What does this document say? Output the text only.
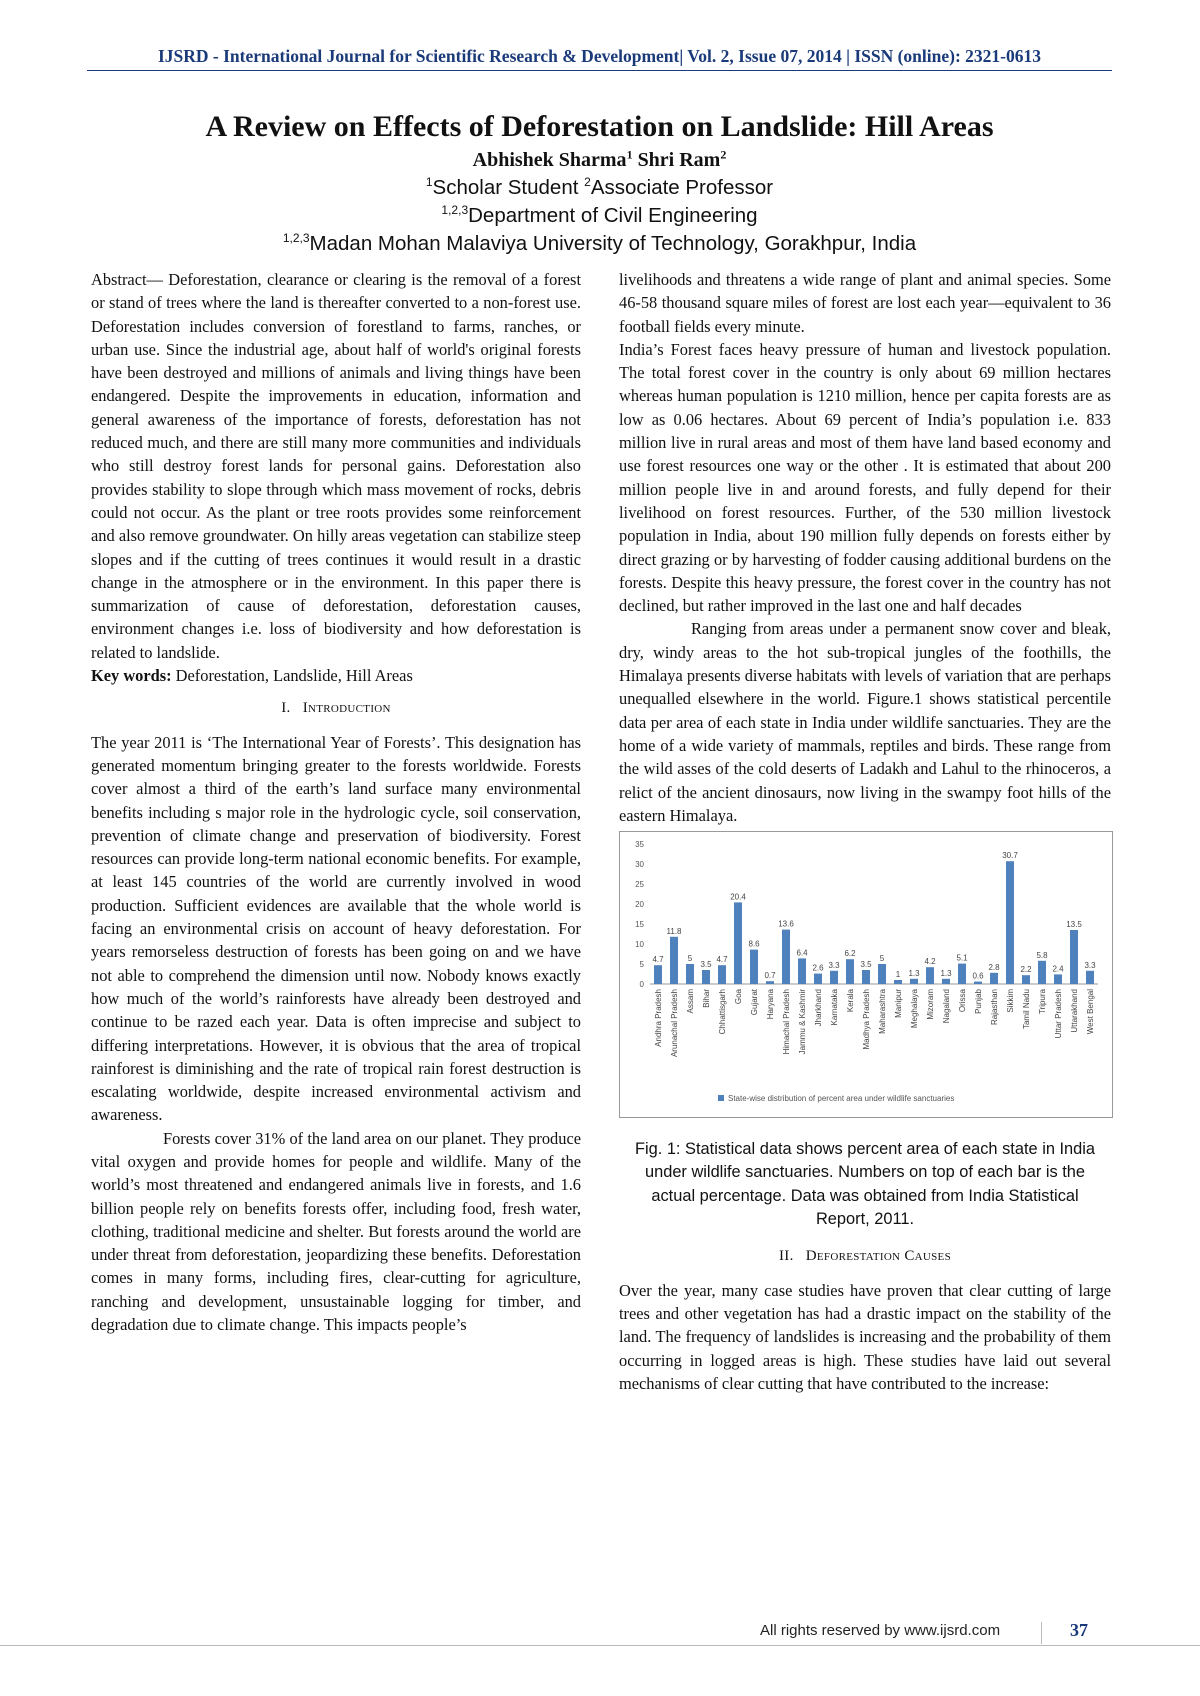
IJSRD - International Journal for Scientific Research & Development| Vol. 2, Issue 07, 2014 | ISSN (online): 2321-0613
A Review on Effects of Deforestation on Landslide: Hill Areas
Abhishek Sharma$^1$ Shri Ram$^2$
$^1$Scholar Student $^2$Associate Professor
$^{1,2,3}$Department of Civil Engineering
$^{1,2,3}$Madan Mohan Malaviya University of Technology, Gorakhpur, India

Abstract— Deforestation, clearance or clearing is the removal of a forest or stand of trees where the land is thereafter converted to a non-forest use. Deforestation includes conversion of forestland to farms, ranches, or urban use. Since the industrial age, about half of world's original forests have been destroyed and millions of animals and living things have been endangered. Despite the improvements in education, information and general awareness of the importance of forests, deforestation has not reduced much, and there are still many more communities and individuals who still destroy forest lands for personal gains. Deforestation also provides stability to slope through which mass movement of rocks, debris could not occur. As the plant or tree roots provides some reinforcement and also remove groundwater. On hilly areas vegetation can stabilize steep slopes and if the cutting of trees continues it would result in a drastic change in the atmosphere or in the environment. In this paper there is summarization of cause of deforestation, deforestation causes, environment changes i.e. loss of biodiversity and how deforestation is related to landslide.

Key words: Deforestation, Landslide, Hill Areas

I. Introduction

The year 2011 is ‘The International Year of Forests’. This designation has generated momentum bringing greater to the forests worldwide. Forests cover almost a third of the earth’s land surface many environmental benefits including s major role in the hydrologic cycle, soil conservation, prevention of climate change and preservation of biodiversity. Forest resources can provide long-term national economic benefits. For example, at least 145 countries of the world are currently involved in wood production. Sufficient evidences are available that the whole world is facing an environmental crisis on account of heavy deforestation. For years remorseless destruction of forests has been going on and we have not able to comprehend the dimension until now. Nobody knows exactly how much of the world’s rainforests have already been destroyed and continue to be razed each year. Data is often imprecise and subject to differing interpretations. However, it is obvious that the area of tropical rainforest is diminishing and the rate of tropical rain forest destruction is escalating worldwide, despite increased environmental activism and awareness.

Forests cover 31% of the land area on our planet. They produce vital oxygen and provide homes for people and wildlife. Many of the world’s most threatened and endangered animals live in forests, and 1.6 billion people rely on benefits forests offer, including food, fresh water, clothing, traditional medicine and shelter. But forests around the world are under threat from deforestation, jeopardizing these benefits. Deforestation comes in many forms, including fires, clear-cutting for agriculture, ranching and development, unsustainable logging for timber, and degradation due to climate change. This impacts people’s

livelihoods and threatens a wide range of plant and animal species. Some 46-58 thousand square miles of forest are lost each year—equivalent to 36 football fields every minute.

India’s Forest faces heavy pressure of human and livestock population. The total forest cover in the country is only about 69 million hectares whereas human population is 1210 million, hence per capita forests are as low as 0.06 hectares. About 69 percent of India’s population i.e. 833 million live in rural areas and most of them have land based economy and use forest resources one way or the other . It is estimated that about 200 million people live in and around forests, and fully depend for their livelihood on forest resources. Further, of the 530 million livestock population in India, about 190 million fully depends on forests either by direct grazing or by harvesting of fodder causing additional burdens on the forests. Despite this heavy pressure, the forest cover in the country has not declined, but rather improved in the last one and half decades

Ranging from areas under a permanent snow cover and bleak, dry, windy areas to the hot sub-tropical jungles of the foothills, the Himalaya presents diverse habitats with levels of variation that are perhaps unequalled elsewhere in the world. Figure.1 shows statistical percentile data per area of each state in India under wildlife sanctuaries. They are the home of a wide variety of mammals, reptiles and birds. These range from the wild asses of the cold deserts of Ladakh and Lahul to the rhinoceros, a relict of the ancient dinosaurs, now living in the swampy foot hills of the eastern Himalaya.

0
5
10
15
20
25
30
35
4.7
Andhra Pradesh
11.8
Arunachal Pradesh
5
Assam
3.5
Bihar
4.7
Chhattisgarh
20.4
Goa
8.6
Gujarat
0.7
Haryana
13.6
Himachal Pradesh
6.4
Jammu & Kashmir
2.6
Jharkhand
3.3
Karnataka
6.2
Kerala
3.5
Madhya Pradesh
5
Maharashtra
1
Manipur
1.3
Meghalaya
4.2
Mizoram
1.3
Nagaland
5.1
Orissa
0.6
Punjab
2.8
Rajasthan
30.7
Sikkim
2.2
Tamil Nadu
5.8
Tripura
2.4
Uttar Pradesh
13.5
Uttarakhand
3.3
West Bengal
State-wise distribution of percent area under wildlife sanctuaries

Fig. 1: Statistical data shows percent area of each state in India under wildlife sanctuaries. Numbers on top of each bar is the actual percentage. Data was obtained from India Statistical Report, 2011.

II. Deforestation Causes

Over the year, many case studies have proven that clear cutting of large trees and other vegetation has had a drastic impact on the stability of the land. The frequency of landslides is increasing and the probability of them occurring in logged areas is high. These studies have laid out several mechanisms of clear cutting that have contributed to the increase:

All rights reserved by www.ijsrd.com	37
